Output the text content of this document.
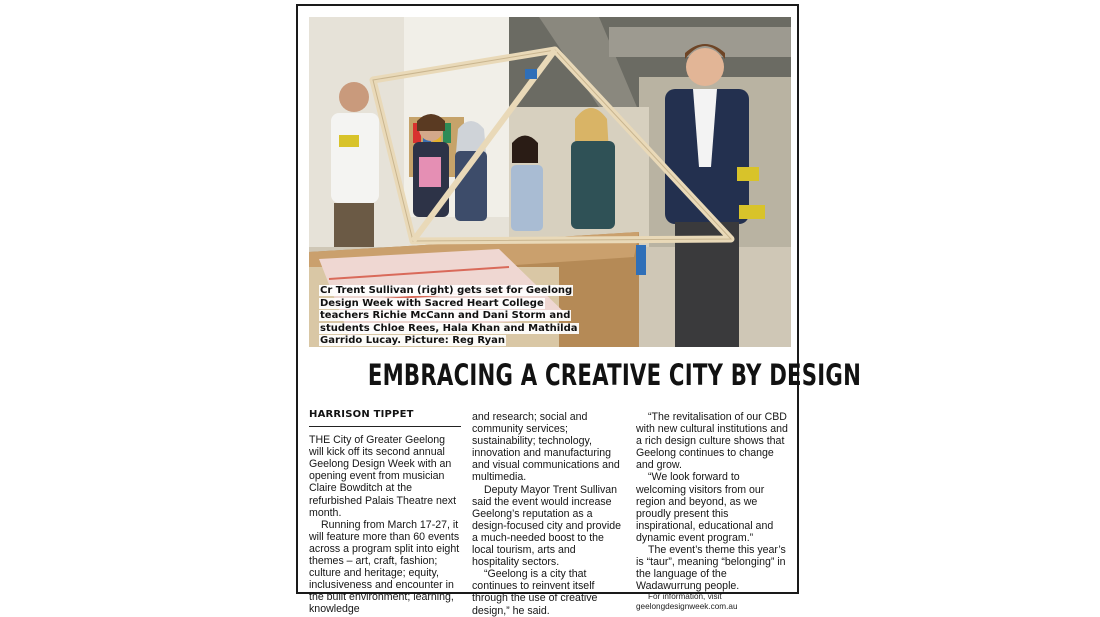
Cr Trent Sullivan (right) gets set for Geelong Design Week with Sacred Heart College teachers Richie McCann and Dani Storm and students Chloe Rees, Hala Khan and Mathilda Garrido Lucay. Picture: Reg Ryan
EMBRACING A CREATIVE CITY BY DESIGN
HARRISON TIPPET

THE City of Greater Geelong will kick off its second annual Geelong Design Week with an opening event from musician Claire Bowditch at the refurbished Palais Theatre next month.

Running from March 17-27, it will feature more than 60 events across a program split into eight themes – art, craft, fashion; culture and heritage; equity, inclusiveness and encounter in the built environment; learning, knowledge

and research; social and community services; sustainability; technology, innovation and manufacturing and visual communications and multimedia.

Deputy Mayor Trent Sullivan said the event would increase Geelong’s reputation as a design-focused city and provide a much-needed boost to the local tourism, arts and hospitality sectors.

“Geelong is a city that continues to reinvent itself through the use of creative design,” he said.

“The revitalisation of our CBD with new cultural institutions and a rich design culture shows that Geelong continues to change and grow.

“We look forward to welcoming visitors from our region and beyond, as we proudly present this inspirational, educational and dynamic event program.”

The event’s theme this year’s is “taur”, meaning “belonging” in the language of the Wadawurrung people.

For information, visit geelongdesignweek.com.au
